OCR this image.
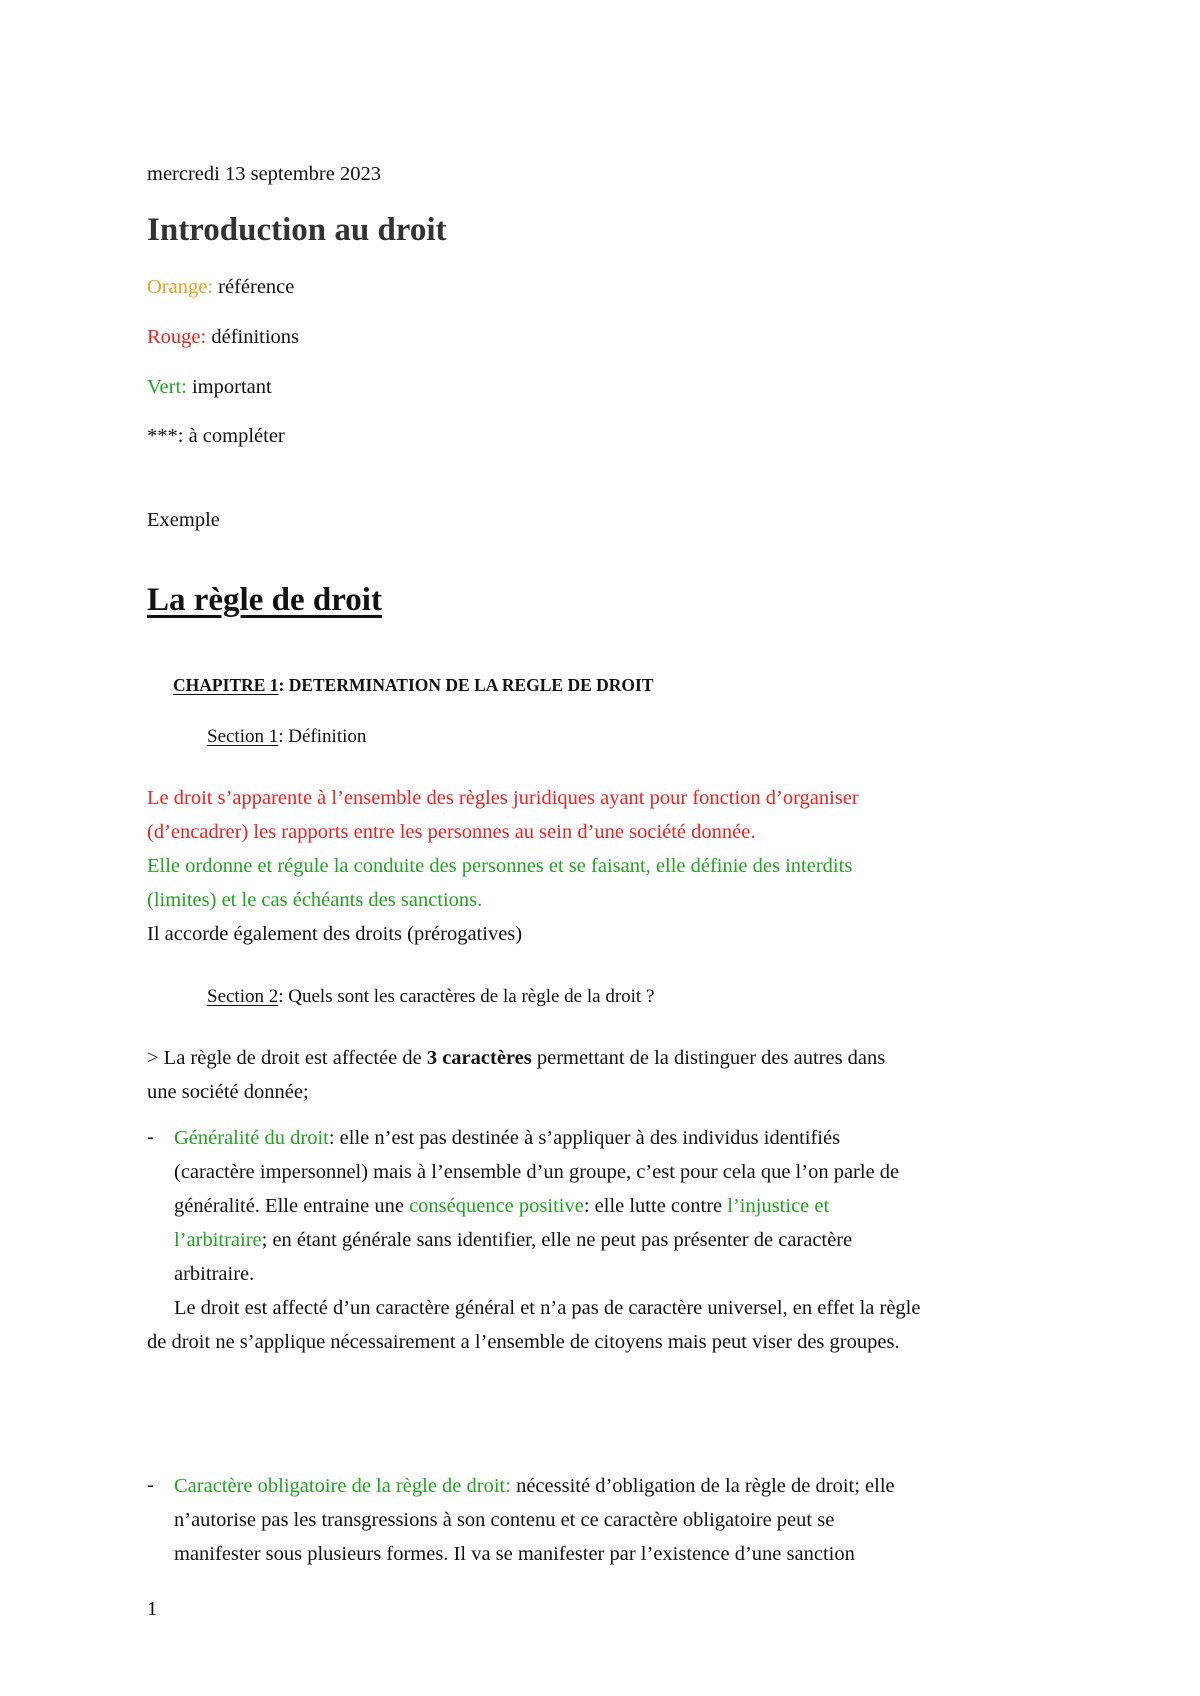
mercredi 13 septembre 2023
Introduction au droit
Orange: référence
Rouge: définitions
Vert: important
***: à compléter
Exemple
La règle de droit
CHAPITRE 1: DETERMINATION DE LA REGLE DE DROIT
Section 1: Définition
Le droit s’apparente à l’ensemble des règles juridiques ayant pour fonction d’organiser
(d’encadrer) les rapports entre les personnes au sein d’une société donnée.
Elle ordonne et régule la conduite des personnes et se faisant, elle définie des interdits
(limites) et le cas échéants des sanctions.
Il accorde également des droits (prérogatives)
Section 2: Quels sont les caractères de la règle de la droit ?
> La règle de droit est affectée de 3 caractères permettant de la distinguer des autres dans
une société donnée;
- Généralité du droit: elle n’est pas destinée à s’appliquer à des individus identifiés
(caractère impersonnel) mais à l’ensemble d’un groupe, c’est pour cela que l’on parle de
généralité. Elle entraine une conséquence positive: elle lutte contre l’injustice et
l’arbitraire; en étant générale sans identifier, elle ne peut pas présenter de caractère
arbitraire.
Le droit est affecté d’un caractère général et n’a pas de caractère universel, en effet la règle
de droit ne s’applique nécessairement a l’ensemble de citoyens mais peut viser des groupes.
- Caractère obligatoire de la règle de droit: nécessité d’obligation de la règle de droit; elle
n’autorise pas les transgressions à son contenu et ce caractère obligatoire peut se
manifester sous plusieurs formes. Il va se manifester par l’existence d’une sanction
1
